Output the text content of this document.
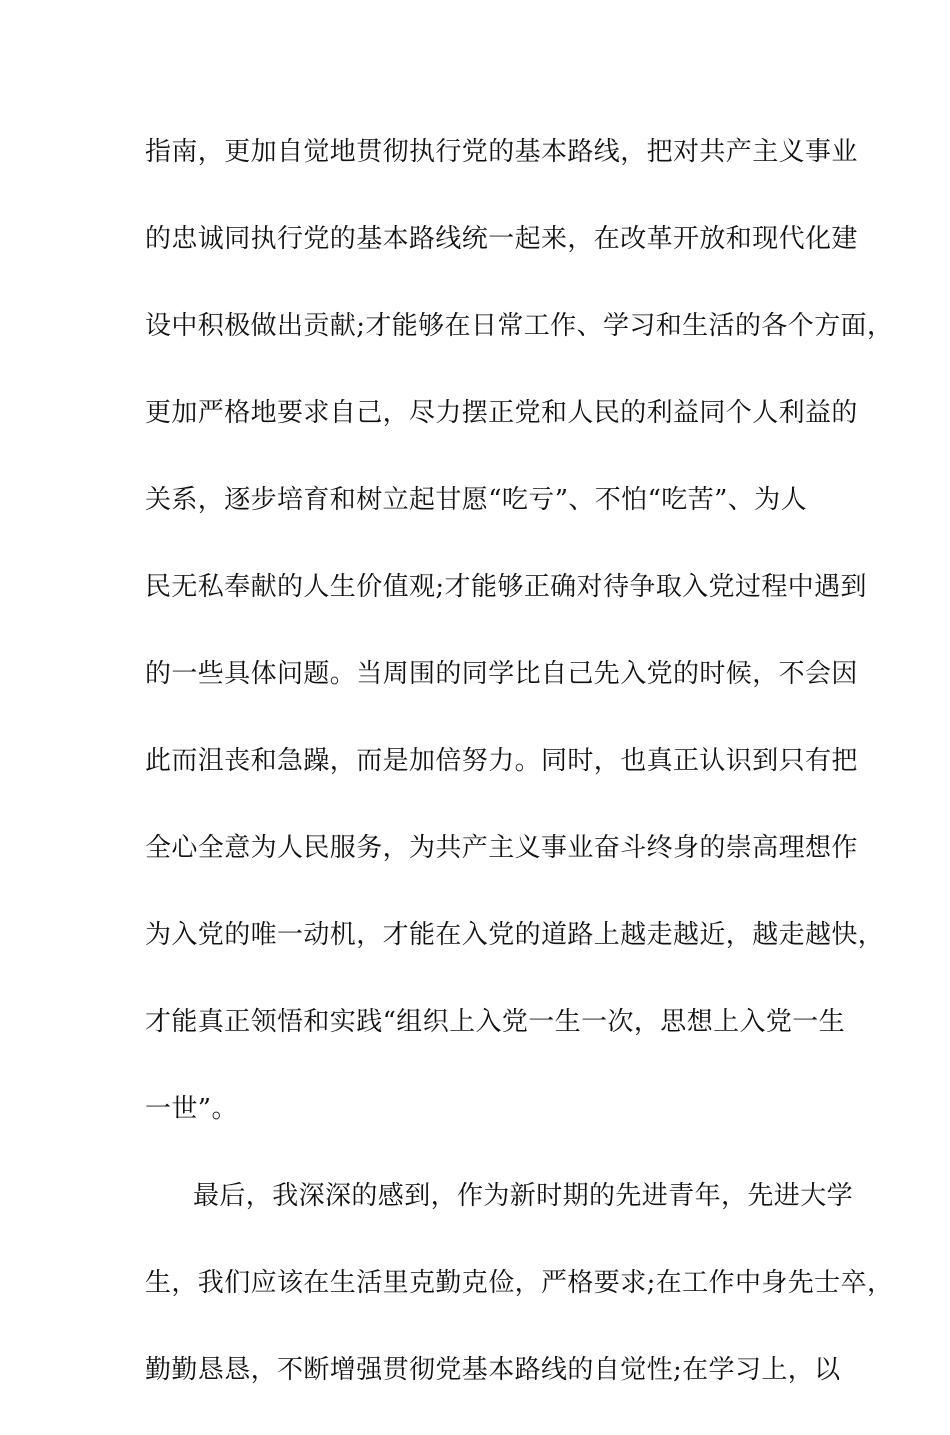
指南，更加自觉地贯彻执行党的基本路线，把对共产主义事业
的忠诚同执行党的基本路线统一起来，在改革开放和现代化建
设中积极做出贡献;才能够在日常工作、学习和生活的各个方面，
更加严格地要求自己，尽力摆正党和人民的利益同个人利益的
关系，逐步培育和树立起甘愿“吃亏”、不怕“吃苦”、为人
民无私奉献的人生价值观;才能够正确对待争取入党过程中遇到
的一些具体问题。当周围的同学比自己先入党的时候，不会因
此而沮丧和急躁，而是加倍努力。同时，也真正认识到只有把
全心全意为人民服务，为共产主义事业奋斗终身的崇高理想作
为入党的唯一动机，才能在入党的道路上越走越近，越走越快，
才能真正领悟和实践“组织上入党一生一次，思想上入党一生
一世”。
最后，我深深的感到，作为新时期的先进青年，先进大学
生，我们应该在生活里克勤克俭，严格要求;在工作中身先士卒，
勤勤恳恳，不断增强贯彻党基本路线的自觉性;在学习上，以
